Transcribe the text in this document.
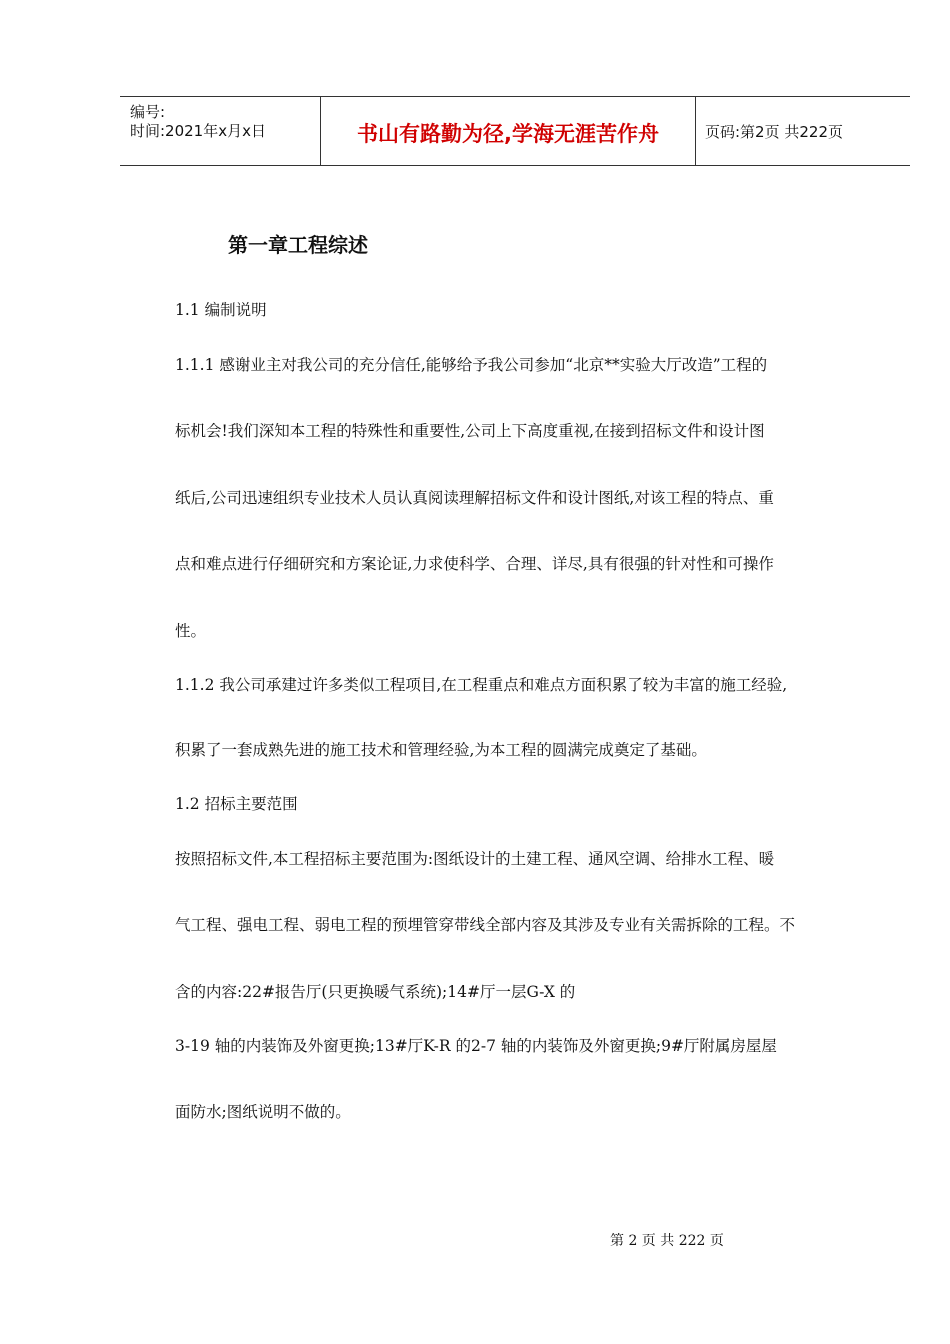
编号:
时间:2021年x月x日	书山有路勤为径,学海无涯苦作舟	页码:第2页 共222页
第一章工程综述
1.1 编制说明
1.1.1 感谢业主对我公司的充分信任,能够给予我公司参加“北京**实验大厅改造”工程的
标机会!我们深知本工程的特殊性和重要性,公司上下高度重视,在接到招标文件和设计图
纸后,公司迅速组织专业技术人员认真阅读理解招标文件和设计图纸,对该工程的特点、重
点和难点进行仔细研究和方案论证,力求使科学、合理、详尽,具有很强的针对性和可操作
性。
1.1.2 我公司承建过许多类似工程项目,在工程重点和难点方面积累了较为丰富的施工经验,
积累了一套成熟先进的施工技术和管理经验,为本工程的圆满完成奠定了基础。
1.2 招标主要范围
按照招标文件,本工程招标主要范围为:图纸设计的土建工程、通风空调、给排水工程、暖
气工程、强电工程、弱电工程的预埋管穿带线全部内容及其涉及专业有关需拆除的工程。不
含的内容:22#报告厅(只更换暖气系统);14#厅一层G-X 的
3-19 轴的内装饰及外窗更换;13#厅K-R 的2-7 轴的内装饰及外窗更换;9#厅附属房屋屋
面防水;图纸说明不做的。
第 2 页 共 222 页
